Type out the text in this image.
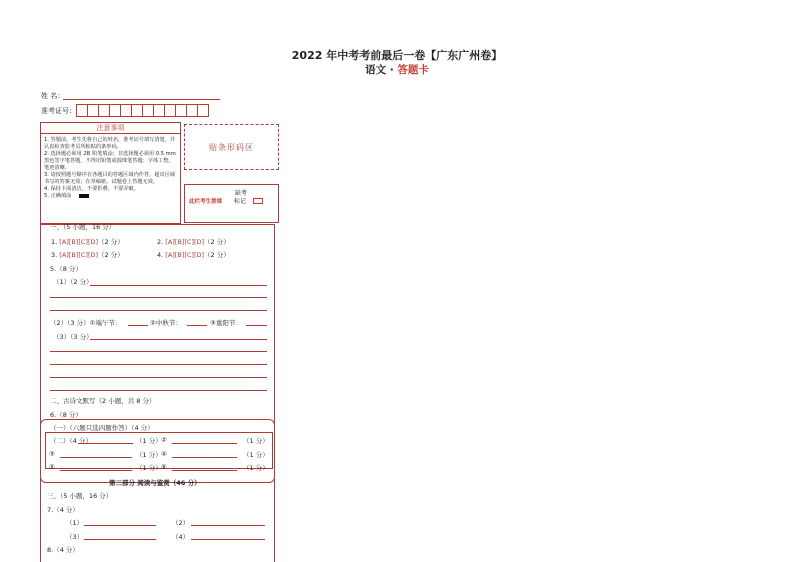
2022 年中考考前最后一卷【广东广州卷】
语文 · 答题卡
姓 名：
准考证号：
注意事项
1. 答题前，考生先将自己的姓名，准考证号填写清楚，并认真检查监考员所粘贴的条形码。
2. 选择题必须用 2B 铅笔填涂；非选择题必须用 0.5 mm 黑色签字笔答题，不得用铅笔或圆珠笔答题；字体工整，笔迹清晰。
3. 请按照题号顺序在各题目的答题区域内作答，超出区域书写的答案无效；在草稿纸、试题卷上答题无效。
4. 保持卡面清洁，不要折叠，不要弄破。
5. 正确填涂
贴条形码区
此栏考生禁填
缺考
标记
一、（5 小题，16 分）
1. [A][B][C][D]（2 分）	2. [A][B][C][D]（2 分）
3. [A][B][C][D]（2 分）	4. [A][B][C][D]（2 分）
5.（8 分）
（1）（2 分）
（2）（3 分）①端午节：	②中秋节：	③重阳节：
（3）（3 分）
二、古诗文默写（2 小题，共 8 分）
6.（8 分）
（一）（六题只选四题作答）（4 分）
（二）（4 分）	（1 分） ②	（1 分）
③	（1 分） ④	（1 分）
⑤	（1 分） ⑥	（1 分）
第二部分 阅读与鉴赏（46 分）
三、（5 小题，16 分）
7.（4 分）
（1）	（2）
（3）	（4）
8.（4 分）
